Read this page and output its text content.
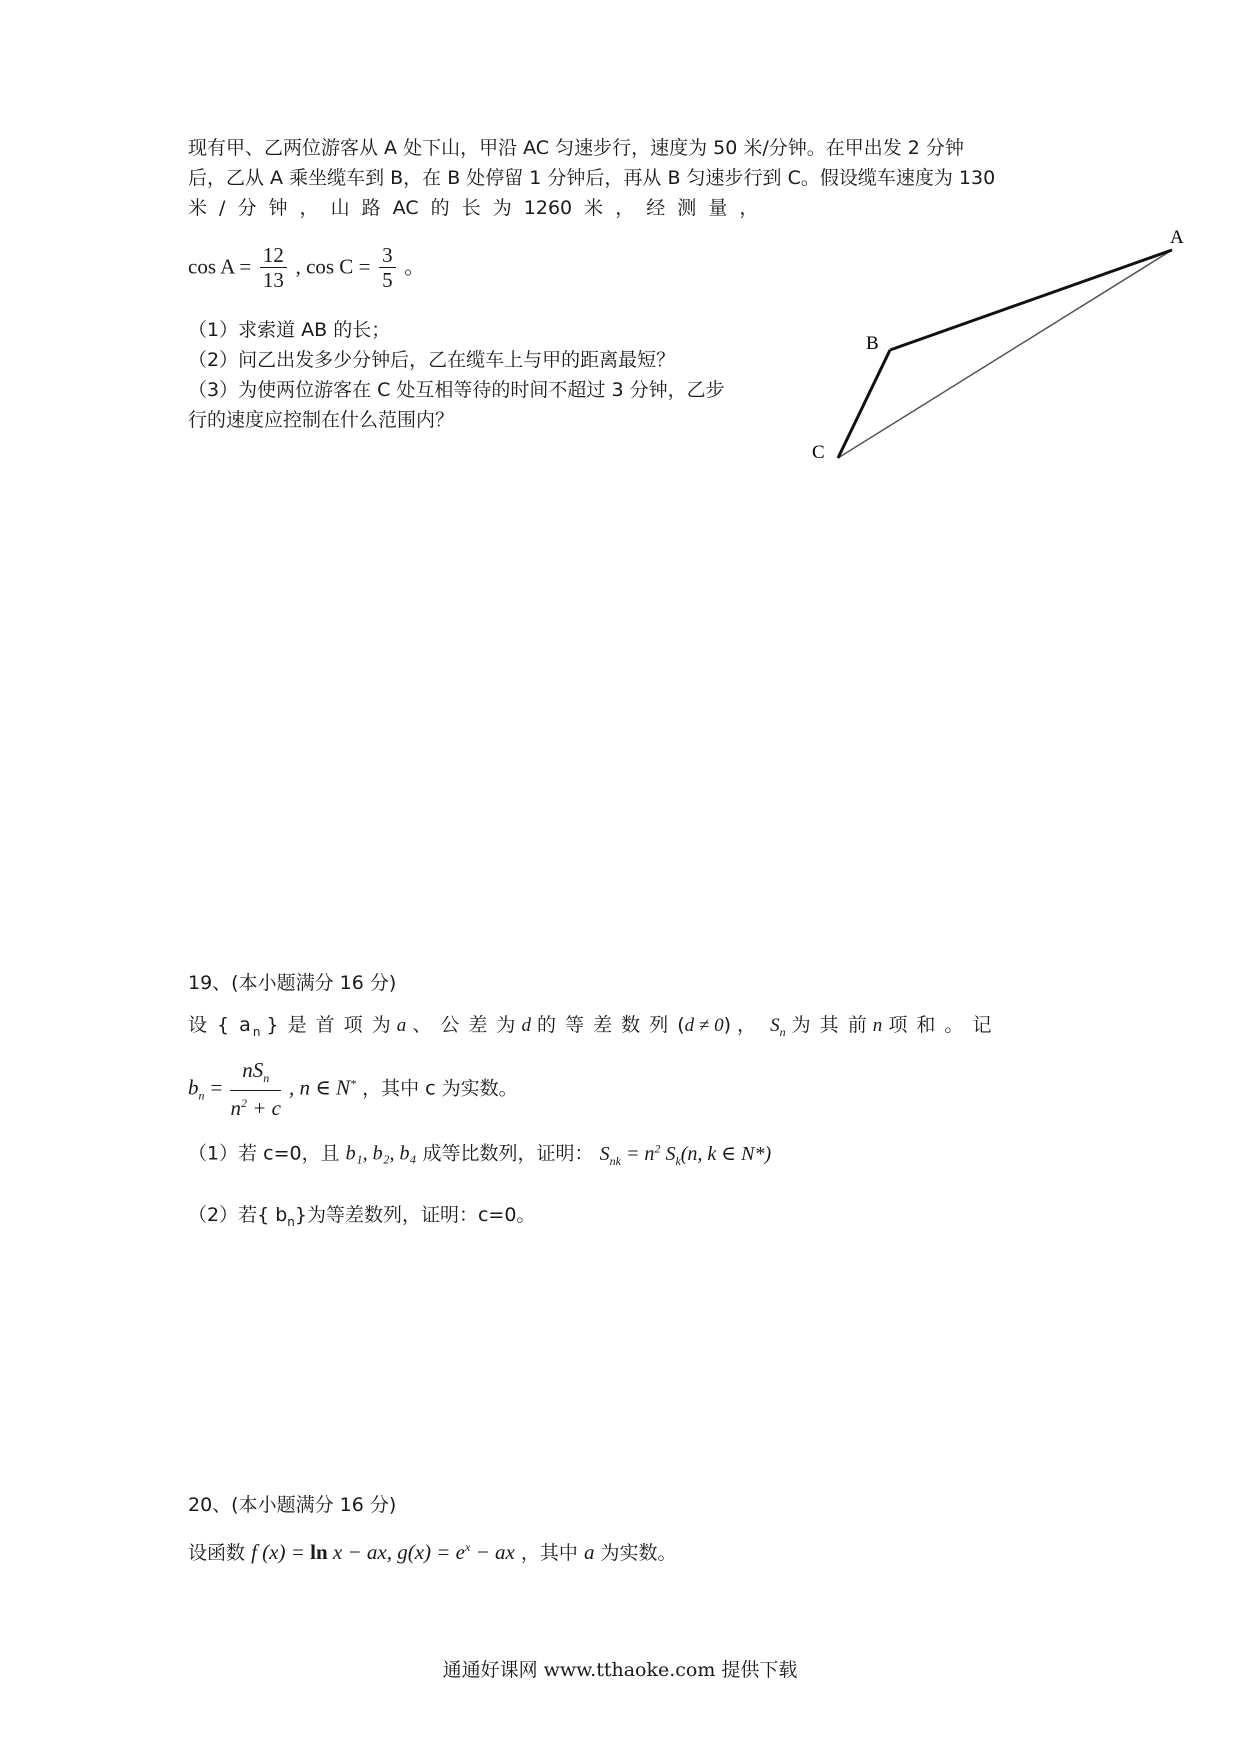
现有甲、乙两位游客从 A 处下山，甲沿 AC 匀速步行，速度为 50 米/分钟。在甲出发 2 分钟
后，乙从 A 乘坐缆车到 B，在 B 处停留 1 分钟后，再从 B 匀速步行到 C。假设缆车速度为 130
米 / 分 钟 ， 山 路 AC 的 长 为 1260 米 ， 经 测 量 ，
$\cos A = \frac{12}{13}$ , $\cos C = \frac{3}{5}$ 。
（1）求索道 AB 的长；
（2）问乙出发多少分钟后，乙在缆车上与甲的距离最短？
（3）为使两位游客在 C 处互相等待的时间不超过 3 分钟，乙步
行的速度应控制在什么范围内？
A
B
C
19、(本小题满分 16 分)
设 { $a_n$ } 是 首 项 为 a 、 公 差 为 d 的 等 差 数 列 (d ≠ 0) ， $S_n$ 为 其 前 n 项 和 。 记
$b_n = \frac{nS_n}{n^2 + c}$ , n ∈ N* ，其中 c 为实数。
（1）若 c=0，且 b₁, b₂, b₄ 成等比数列，证明： $S_{nk} = n^2$ $S_k(n$, k ∈ N*)
（2）若{ $b_n$}为等差数列，证明：c=0。
20、(本小题满分 16 分)
设函数 f (x) = ln x − ax, $g(x) = e^x$ − ax ，其中 a 为实数。
通通好课网 www.tthaoke.com 提供下载
